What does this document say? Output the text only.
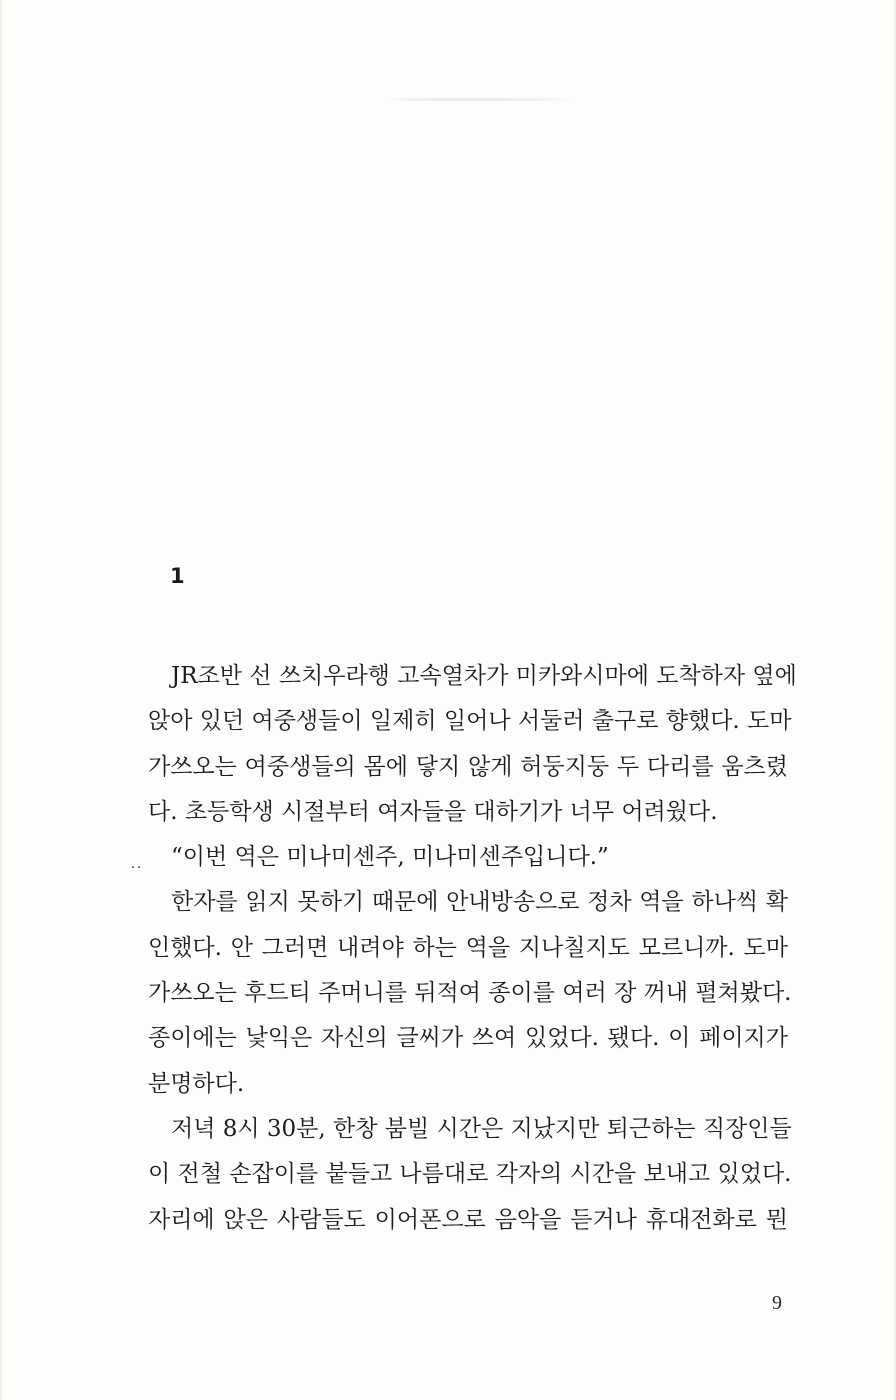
1

JR조반 선 쓰치우라행 고속열차가 미카와시마에 도착하자 옆에
앉아 있던 여중생들이 일제히 일어나 서둘러 출구로 향했다. 도마
가쓰오는 여중생들의 몸에 닿지 않게 허둥지둥 두 다리를 움츠렸
다. 초등학생 시절부터 여자들을 대하기가 너무 어려웠다.

“이번 역은 미나미센주, 미나미센주입니다.”

한자를 읽지 못하기 때문에 안내방송으로 정차 역을 하나씩 확
인했다. 안 그러면 내려야 하는 역을 지나칠지도 모르니까. 도마
가쓰오는 후드티 주머니를 뒤적여 종이를 여러 장 꺼내 펼쳐봤다.
종이에는 낯익은 자신의 글씨가 쓰여 있었다. 됐다. 이 페이지가
분명하다.

저녁 8시 30분, 한창 붐빌 시간은 지났지만 퇴근하는 직장인들
이 전철 손잡이를 붙들고 나름대로 각자의 시간을 보내고 있었다.
자리에 앉은 사람들도 이어폰으로 음악을 듣거나 휴대전화로 뭔

9
